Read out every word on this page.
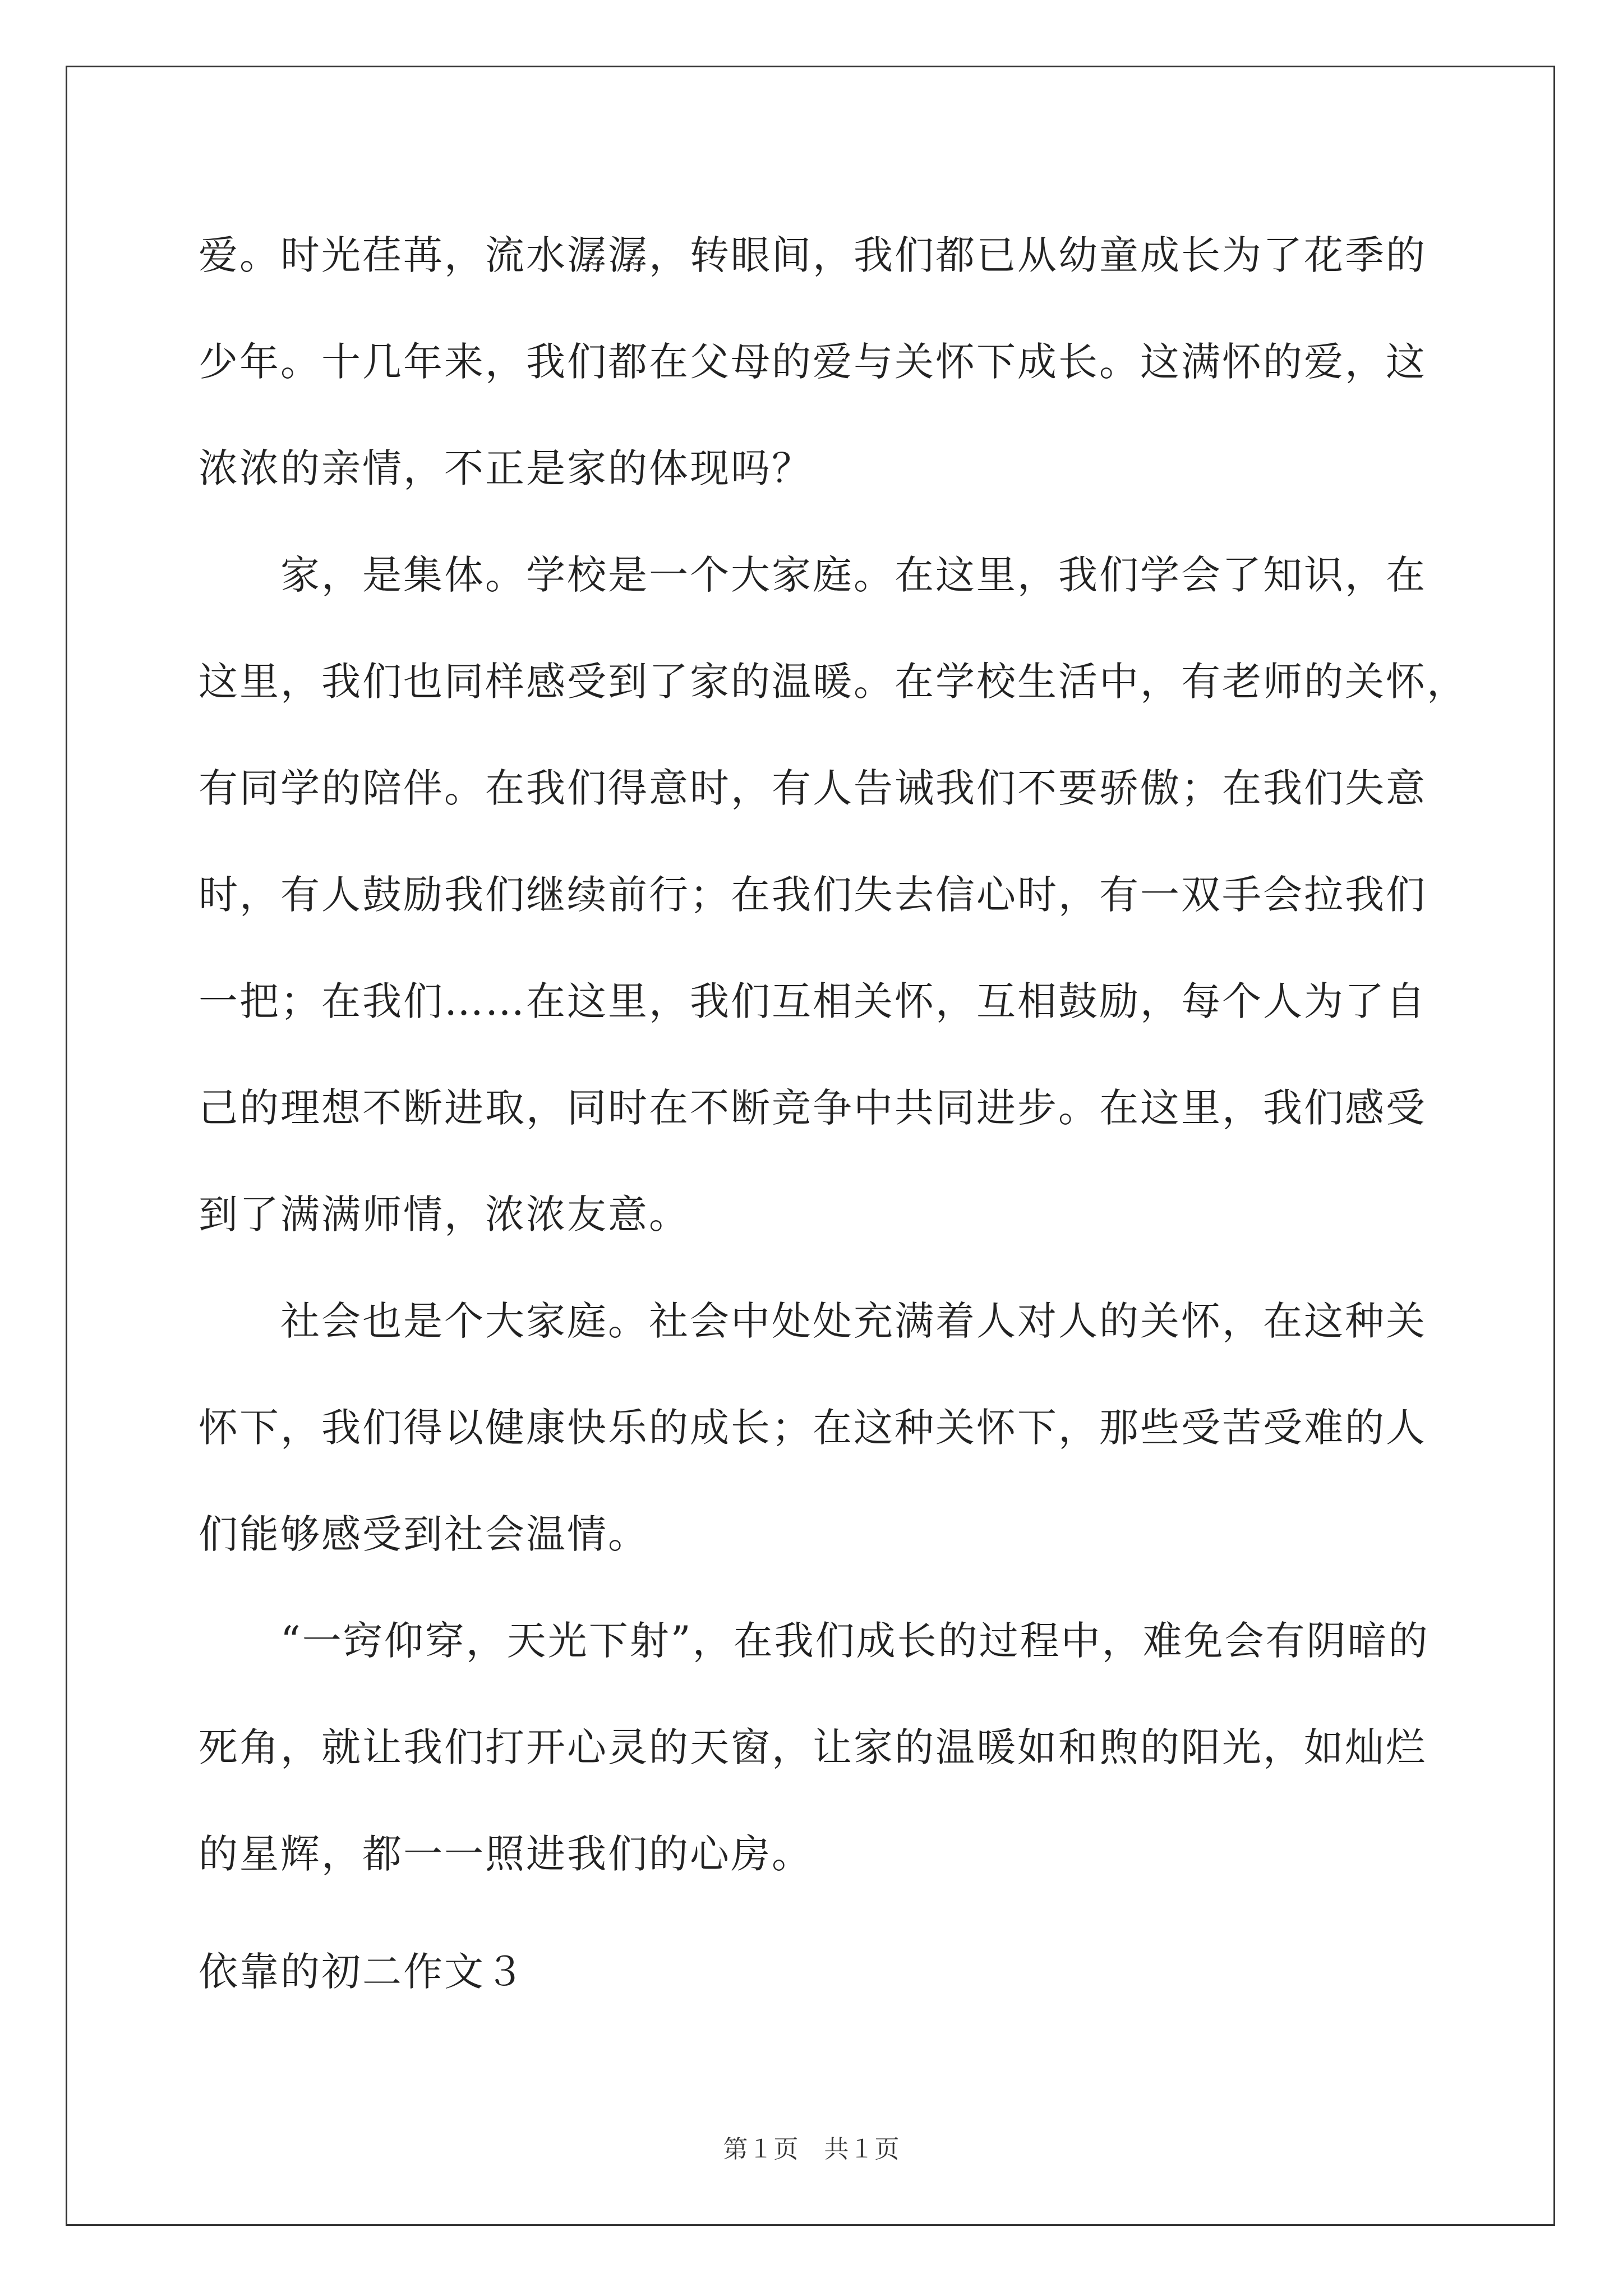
爱。时光荏苒，流水潺潺，转眼间，我们都已从幼童成长为了花季的
少年。十几年来，我们都在父母的爱与关怀下成长。这满怀的爱，这
浓浓的亲情，不正是家的体现吗？
　　家，是集体。学校是一个大家庭。在这里，我们学会了知识，在
这里，我们也同样感受到了家的温暖。在学校生活中，有老师的关怀，
有同学的陪伴。在我们得意时，有人告诫我们不要骄傲；在我们失意
时，有人鼓励我们继续前行；在我们失去信心时，有一双手会拉我们
一把；在我们……在这里，我们互相关怀，互相鼓励，每个人为了自
己的理想不断进取，同时在不断竞争中共同进步。在这里，我们感受
到了满满师情，浓浓友意。
　　社会也是个大家庭。社会中处处充满着人对人的关怀，在这种关
怀下，我们得以健康快乐的成长；在这种关怀下，那些受苦受难的人
们能够感受到社会温情。
　　“一窍仰穿，天光下射”，在我们成长的过程中，难免会有阴暗的
死角，就让我们打开心灵的天窗，让家的温暖如和煦的阳光，如灿烂
的星辉，都一一照进我们的心房。
依靠的初二作文３
第１页　共１页
